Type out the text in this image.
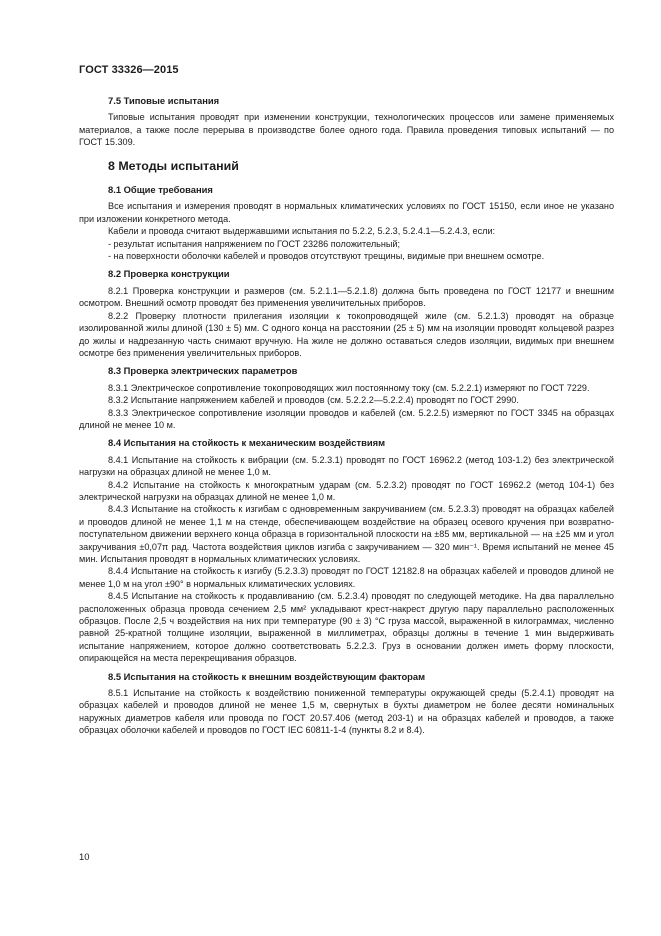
ГОСТ 33326—2015
7.5 Типовые испытания

Типовые испытания проводят при изменении конструкции, технологических процессов или замене применяемых материалов, а также после перерыва в производстве более одного года. Правила проведения типовых испытаний — по ГОСТ 15.309.

8 Методы испытаний
8.1 Общие требования

Все испытания и измерения проводят в нормальных климатических условиях по ГОСТ 15150, если иное не указано при изложении конкретного метода.

Кабели и провода считают выдержавшими испытания по 5.2.2, 5.2.3, 5.2.4.1—5.2.4.3, если:

- результат испытания напряжением по ГОСТ 23286 положительный;

- на поверхности оболочки кабелей и проводов отсутствуют трещины, видимые при внешнем осмотре.

8.2 Проверка конструкции

8.2.1 Проверка конструкции и размеров (см. 5.2.1.1—5.2.1.8) должна быть проведена по ГОСТ 12177 и внешним осмотром. Внешний осмотр проводят без применения увеличительных приборов.

8.2.2 Проверку плотности прилегания изоляции к токопроводящей жиле (см. 5.2.1.3) проводят на образце изолированной жилы длиной (130 ± 5) мм. С одного конца на расстоянии (25 ± 5) мм на изоляции проводят кольцевой разрез до жилы и надрезанную часть снимают вручную. На жиле не должно оставаться следов изоляции, видимых при внешнем осмотре без применения увеличительных приборов.

8.3 Проверка электрических параметров

8.3.1 Электрическое сопротивление токопроводящих жил постоянному току (см. 5.2.2.1) измеряют по ГОСТ 7229.

8.3.2 Испытание напряжением кабелей и проводов (см. 5.2.2.2—5.2.2.4) проводят по ГОСТ 2990.

8.3.3 Электрическое сопротивление изоляции проводов и кабелей (см. 5.2.2.5) измеряют по ГОСТ 3345 на образцах длиной не менее 10 м.

8.4 Испытания на стойкость к механическим воздействиям

8.4.1 Испытание на стойкость к вибрации (см. 5.2.3.1) проводят по ГОСТ 16962.2 (метод 103-1.2) без электрической нагрузки на образцах длиной не менее 1,0 м.

8.4.2 Испытание на стойкость к многократным ударам (см. 5.2.3.2) проводят по ГОСТ 16962.2 (метод 104-1) без электрической нагрузки на образцах длиной не менее 1,0 м.

8.4.3 Испытание на стойкость к изгибам с одновременным закручиванием (см. 5.2.3.3) проводят на образцах кабелей и проводов длиной не менее 1,1 м на стенде, обеспечивающем воздействие на образец осевого кручения при возвратно-поступательном движении верхнего конца образца в горизонтальной плоскости на ±85 мм, вертикальной — на ±25 мм и угол закручивания ±0,07π рад. Частота воздействия циклов изгиба с закручиванием — 320 мин⁻¹. Время испытаний не менее 45 мин. Испытания проводят в нормальных климатических условиях.

8.4.4 Испытание на стойкость к изгибу (5.2.3.3) проводят по ГОСТ 12182.8 на образцах кабелей и проводов длиной не менее 1,0 м на угол ±90° в нормальных климатических условиях.

8.4.5 Испытание на стойкость к продавливанию (см. 5.2.3.4) проводят по следующей методике. На два параллельно расположенных образца провода сечением 2,5 мм² укладывают крест-накрест другую пару параллельно расположенных образцов. После 2,5 ч воздействия на них при температуре (90 ± 3) °С груза массой, выраженной в килограммах, численно равной 25-кратной толщине изоляции, выраженной в миллиметрах, образцы должны в течение 1 мин выдерживать испытание напряжением, которое должно соответствовать 5.2.2.3. Груз в основании должен иметь форму плоскости, опирающейся на места перекрещивания образцов.

8.5 Испытания на стойкость к внешним воздействующим факторам

8.5.1 Испытание на стойкость к воздействию пониженной температуры окружающей среды (5.2.4.1) проводят на образцах кабелей и проводов длиной не менее 1,5 м, свернутых в бухты диаметром не более десяти номинальных наружных диаметров кабеля или провода по ГОСТ 20.57.406 (метод 203-1) и на образцах кабелей и проводов, а также образцах оболочки кабелей и проводов по ГОСТ IEC 60811-1-4 (пункты 8.2 и 8.4).

10
